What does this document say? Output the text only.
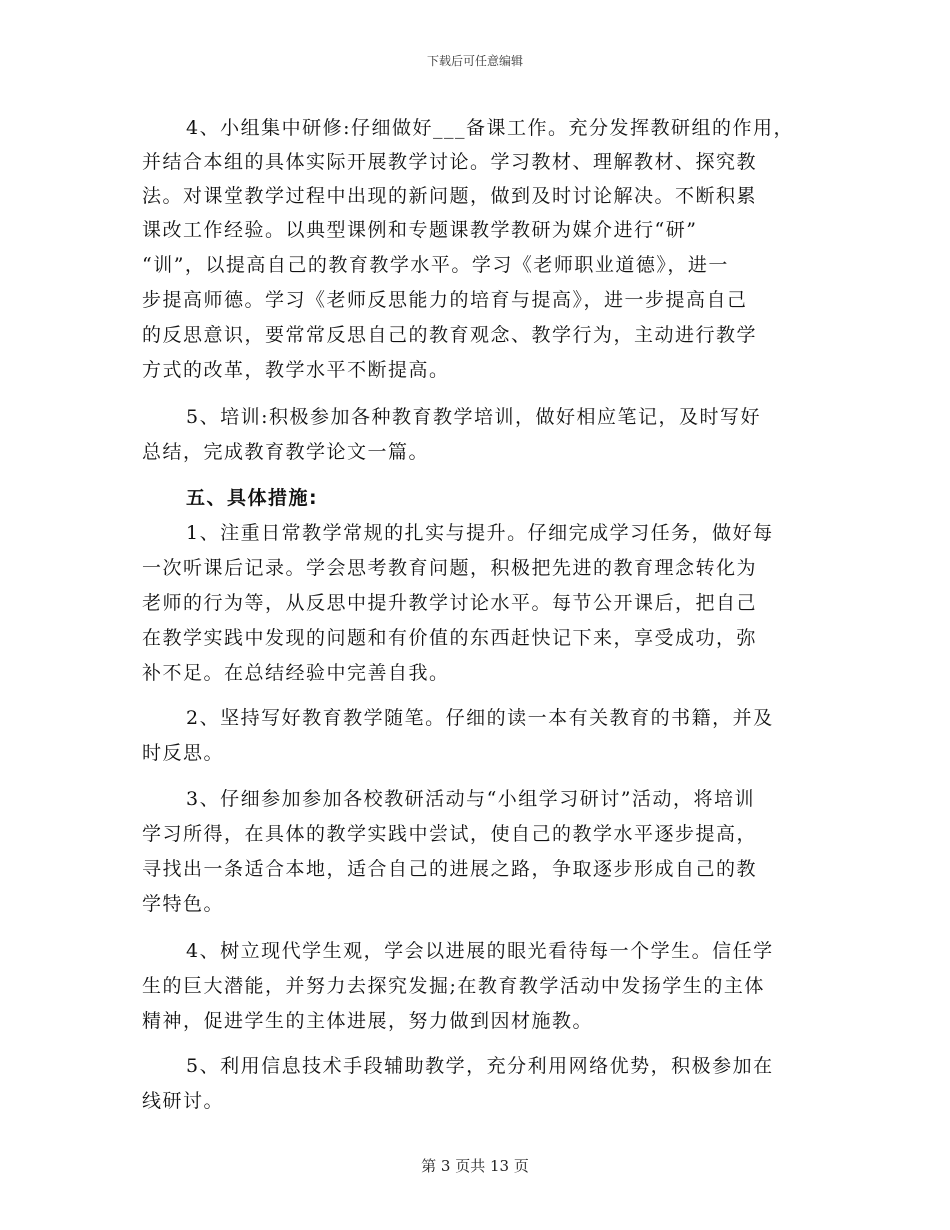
下载后可任意编辑
4、小组集中研修:仔细做好___备课工作。充分发挥教研组的作用，
并结合本组的具体实际开展教学讨论。学习教材、理解教材、探究教
法。对课堂教学过程中出现的新问题，做到及时讨论解决。不断积累
课改工作经验。以典型课例和专题课教学教研为媒介进行“研”
“训”，以提高自己的教育教学水平。学习《老师职业道德》，进一
步提高师德。学习《老师反思能力的培育与提高》，进一步提高自己
的反思意识，要常常反思自己的教育观念、教学行为，主动进行教学
方式的改革，教学水平不断提高。
5、培训:积极参加各种教育教学培训，做好相应笔记，及时写好
总结，完成教育教学论文一篇。
五、具体措施:
1、注重日常教学常规的扎实与提升。仔细完成学习任务，做好每
一次听课后记录。学会思考教育问题，积极把先进的教育理念转化为
老师的行为等，从反思中提升教学讨论水平。每节公开课后，把自己
在教学实践中发现的问题和有价值的东西赶快记下来，享受成功，弥
补不足。在总结经验中完善自我。
2、坚持写好教育教学随笔。仔细的读一本有关教育的书籍，并及
时反思。
3、仔细参加参加各校教研活动与“小组学习研讨”活动，将培训
学习所得，在具体的教学实践中尝试，使自己的教学水平逐步提高，
寻找出一条适合本地，适合自己的进展之路，争取逐步形成自己的教
学特色。
4、树立现代学生观，学会以进展的眼光看待每一个学生。信任学
生的巨大潜能，并努力去探究发掘;在教育教学活动中发扬学生的主体
精神，促进学生的主体进展，努力做到因材施教。
5、利用信息技术手段辅助教学，充分利用网络优势，积极参加在
线研讨。
第 3 页共 13 页
